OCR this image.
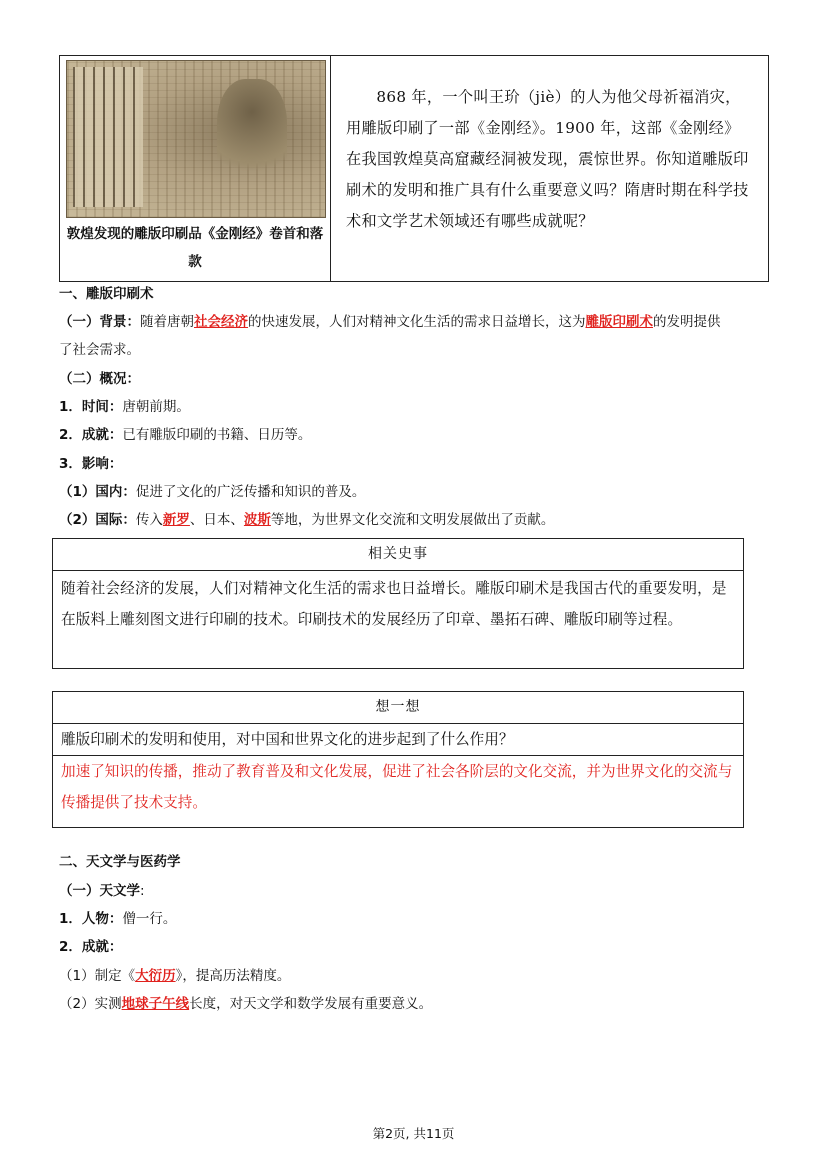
敦煌发现的雕版印刷品《金刚经》卷首和落款
868 年，一个叫王玠（jiè）的人为他父母祈福消灾，用雕版印刷了一部《金刚经》。1900 年，这部《金刚经》在我国敦煌莫高窟藏经洞被发现，震惊世界。你知道雕版印刷术的发明和推广具有什么重要意义吗？隋唐时期在科学技术和文学艺术领域还有哪些成就呢？
一、雕版印刷术
（一）背景：随着唐朝社会经济的快速发展，人们对精神文化生活的需求日益增长，这为雕版印刷术的发明提供
了社会需求。
（二）概况：
1．时间：唐朝前期。
2．成就：已有雕版印刷的书籍、日历等。
3．影响：
（1）国内：促进了文化的广泛传播和知识的普及。
（2）国际：传入新罗、日本、波斯等地，为世界文化交流和文明发展做出了贡献。
相关史事
随着社会经济的发展，人们对精神文化生活的需求也日益增长。雕版印刷术是我国古代的重要发明，是在版料上雕刻图文进行印刷的技术。印刷技术的发展经历了印章、墨拓石碑、雕版印刷等过程。
想一想
雕版印刷术的发明和使用，对中国和世界文化的进步起到了什么作用？
加速了知识的传播，推动了教育普及和文化发展，促进了社会各阶层的文化交流，并为世界文化的交流与传播提供了技术支持。
二、天文学与医药学
（一）天文学:
1．人物：僧一行。
2．成就：
（1）制定《大衍历》，提高历法精度。
（2）实测地球子午线长度，对天文学和数学发展有重要意义。
第2页, 共11页
